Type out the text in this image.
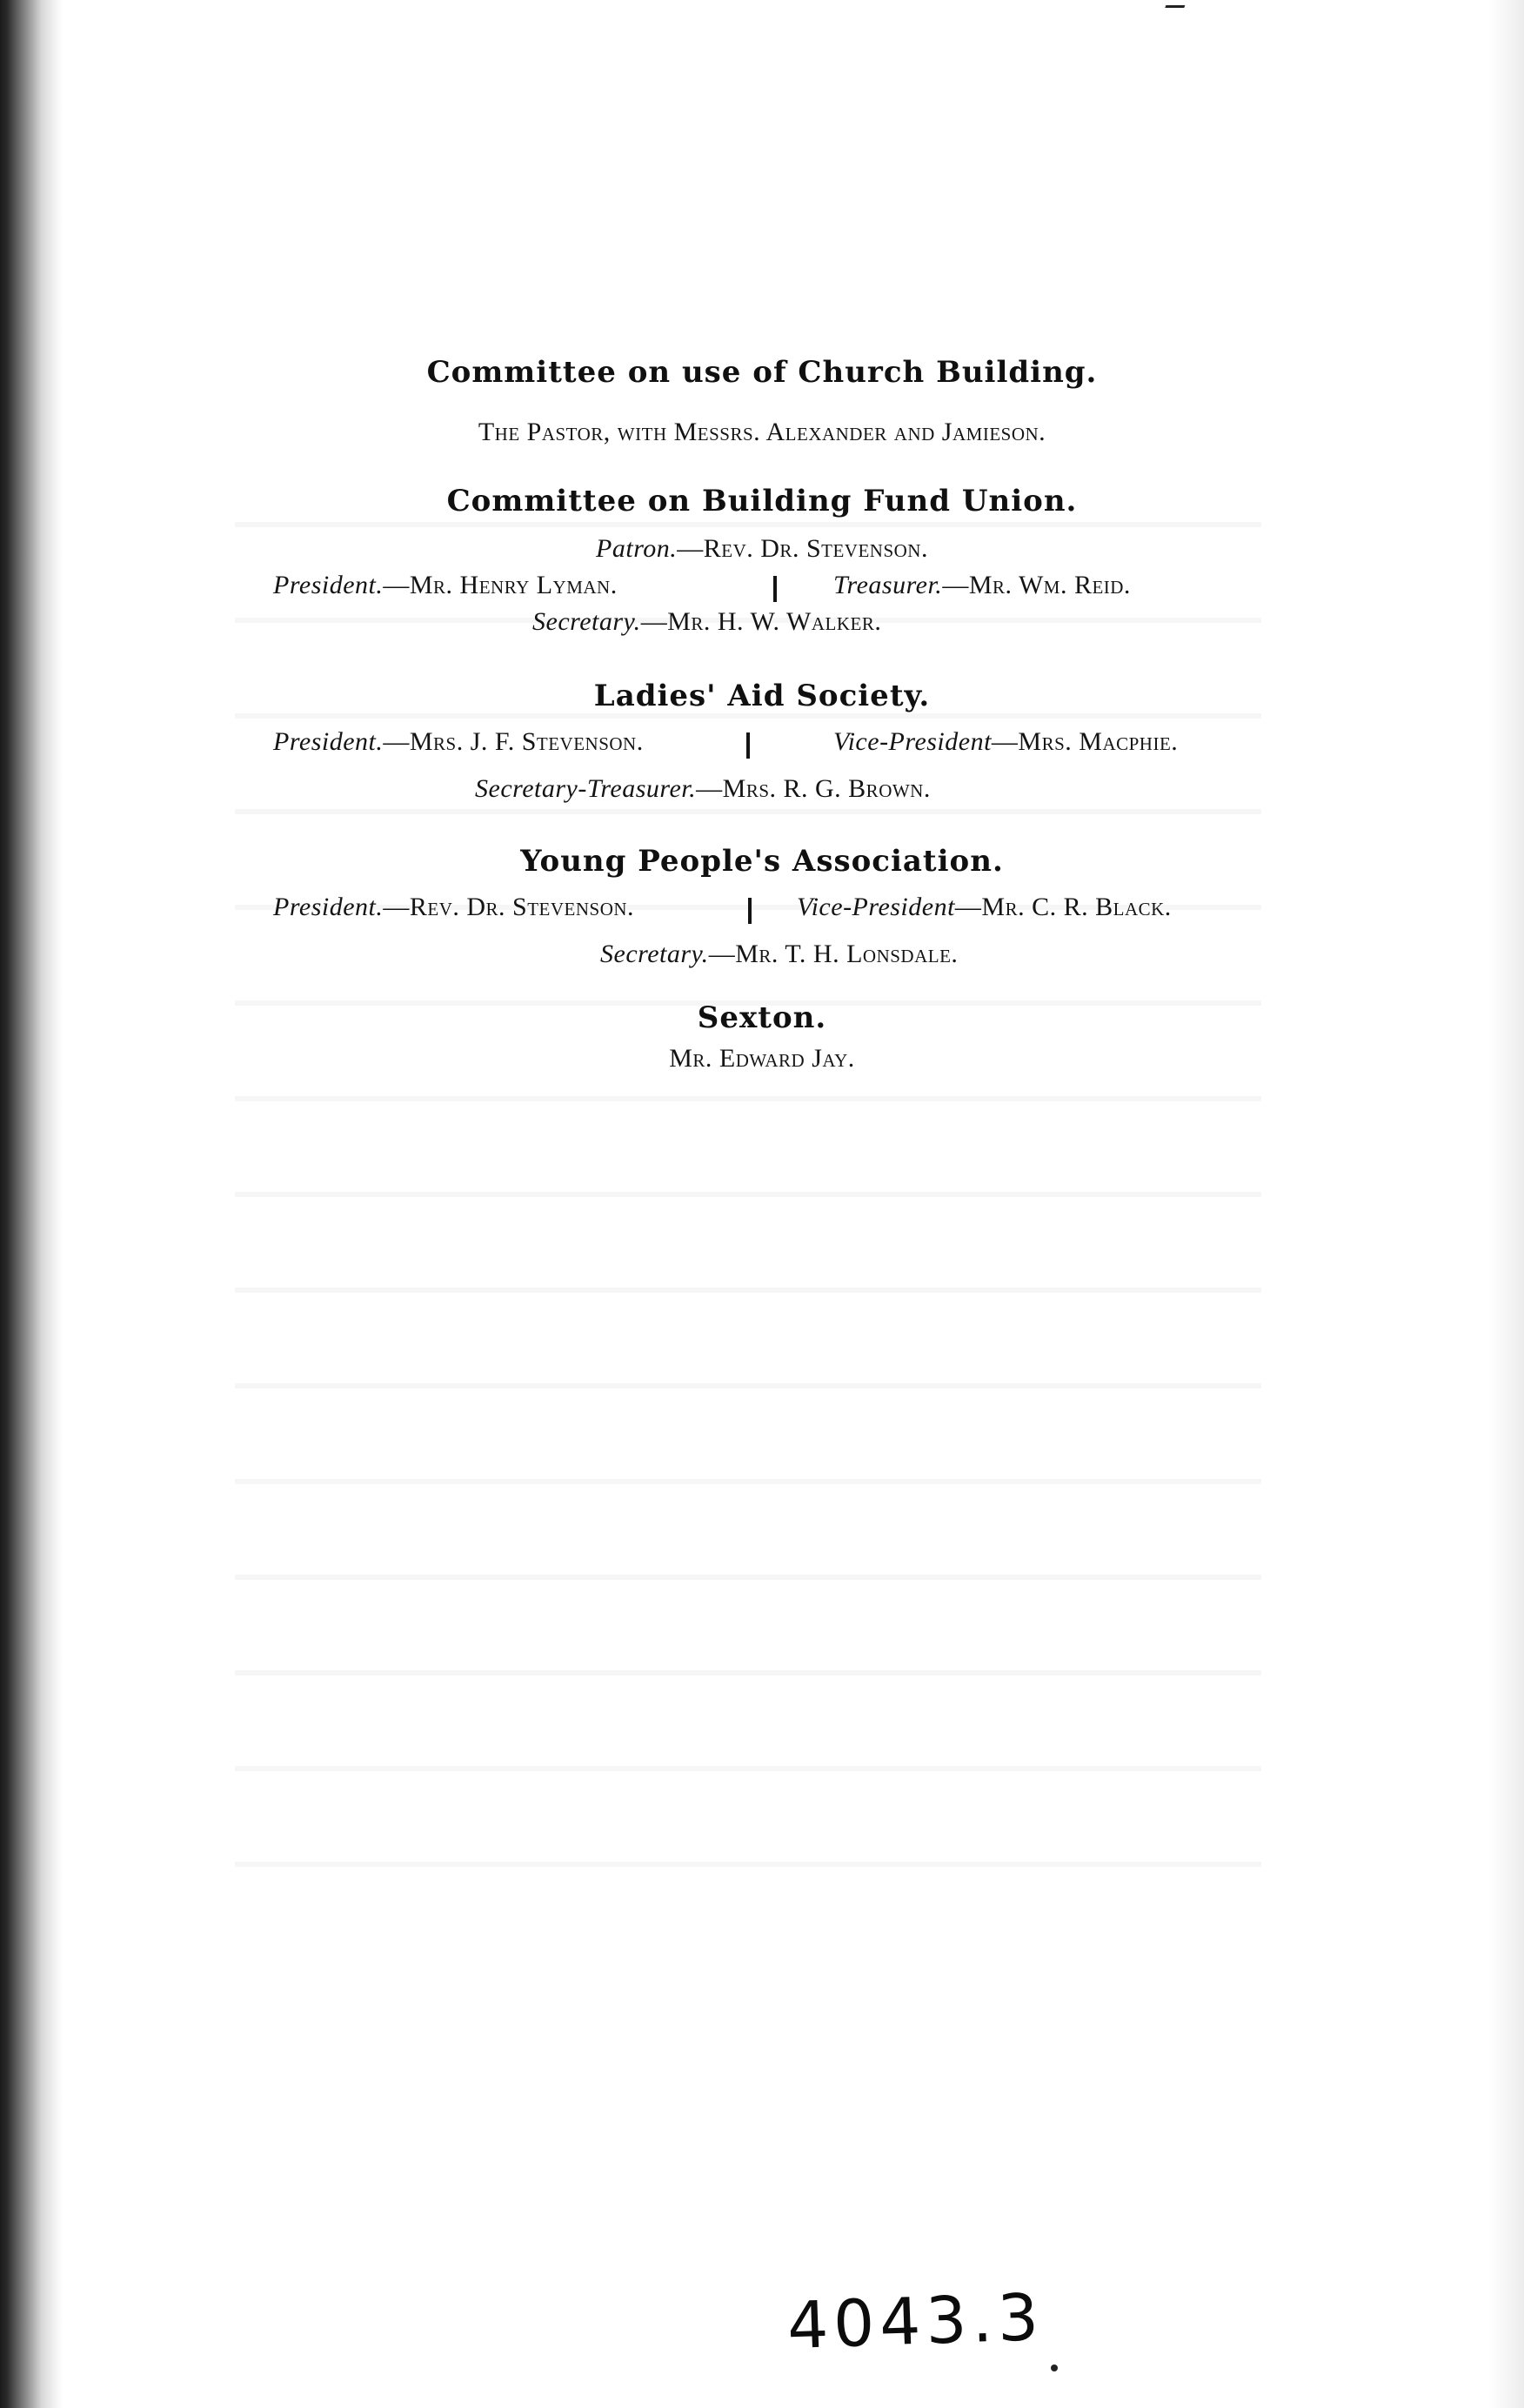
Committee on use of Church Building.

The Pastor, with Messrs. Alexander and Jamieson.

Committee on Building Fund Union.

Patron.—Rev. Dr. Stevenson.

President.—Mr. Henry Lyman.	Treasurer.—Mr. Wm. Reid.

Secretary.—Mr. H. W. Walker.

Ladies' Aid Society.

President.—Mrs. J. F. Stevenson.	Vice-President—Mrs. Macphie.

Secretary-Treasurer.—Mrs. R. G. Brown.

Young People's Association.

President.—Rev. Dr. Stevenson.	Vice-President—Mr. C. R. Black.

Secretary.—Mr. T. H. Lonsdale.

Sexton.

Mr. Edward Jay.

4043.3
